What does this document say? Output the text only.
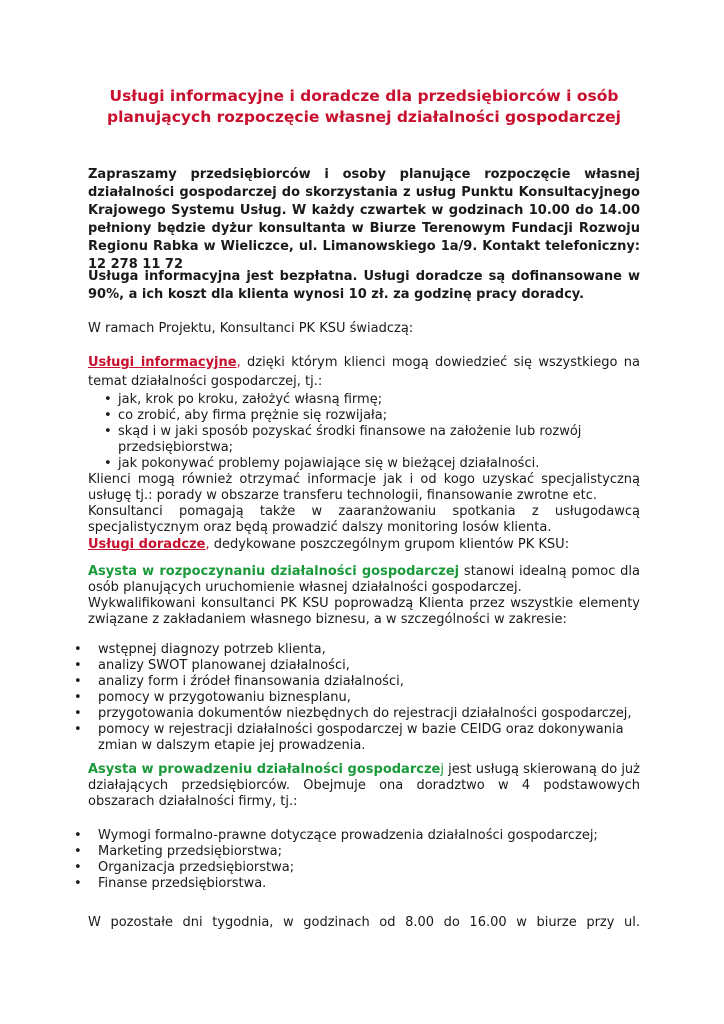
Usługi informacyjne i doradcze dla przedsiębiorców i osób planujących rozpoczęcie własnej działalności gospodarczej

Zapraszamy przedsiębiorców i osoby planujące rozpoczęcie własnej działalności gospodarczej do skorzystania z usług Punktu Konsultacyjnego Krajowego Systemu Usług. W każdy czwartek w godzinach 10.00 do 14.00 pełniony będzie dyżur konsultanta w Biurze Terenowym Fundacji Rozwoju Regionu Rabka w Wieliczce, ul. Limanowskiego 1a/9. Kontakt telefoniczny: 12 278 11 72

Usługa informacyjna jest bezpłatna. Usługi doradcze są dofinansowane w 90%, a ich koszt dla klienta wynosi 10 zł. za godzinę pracy doradcy.

W ramach Projektu, Konsultanci PK KSU świadczą:

Usługi informacyjne, dzięki którym klienci mogą dowiedzieć się wszystkiego na temat działalności gospodarczej, tj.:

• jak, krok po kroku, założyć własną firmę;
• co zrobić, aby firma prężnie się rozwijała;
• skąd i w jaki sposób pozyskać środki finansowe na założenie lub rozwój przedsiębiorstwa;
• jak pokonywać problemy pojawiające się w bieżącej działalności.

Klienci mogą również otrzymać informacje jak i od kogo uzyskać specjalistyczną usługę tj.: porady w obszarze transferu technologii, finansowanie zwrotne etc.

Konsultanci pomagają także w zaaranżowaniu spotkania z usługodawcą specjalistycznym oraz będą prowadzić dalszy monitoring losów klienta.

Usługi doradcze, dedykowane poszczególnym grupom klientów PK KSU:

Asysta w rozpoczynaniu działalności gospodarczej stanowi idealną pomoc dla osób planujących uruchomienie własnej działalności gospodarczej.

Wykwalifikowani konsultanci PK KSU poprowadzą Klienta przez wszystkie elementy związane z zakładaniem własnego biznesu, a w szczególności w zakresie:

• wstępnej diagnozy potrzeb klienta,
• analizy SWOT planowanej działalności,
• analizy form i źródeł finansowania działalności,
• pomocy w przygotowaniu biznesplanu,
• przygotowania dokumentów niezbędnych do rejestracji działalności gospodarczej,
• pomocy w rejestracji działalności gospodarczej w bazie CEIDG oraz dokonywania zmian w dalszym etapie jej prowadzenia.

Asysta w prowadzeniu działalności gospodarczej jest usługą skierowaną do już działających przedsiębiorców. Obejmuje ona doradztwo w 4 podstawowych obszarach działalności firmy, tj.:

• Wymogi formalno-prawne dotyczące prowadzenia działalności gospodarczej;
• Marketing przedsiębiorstwa;
• Organizacja przedsiębiorstwa;
• Finanse przedsiębiorstwa.

W pozostałe dni tygodnia, w godzinach od 8.00 do 16.00 w biurze przy ul.
